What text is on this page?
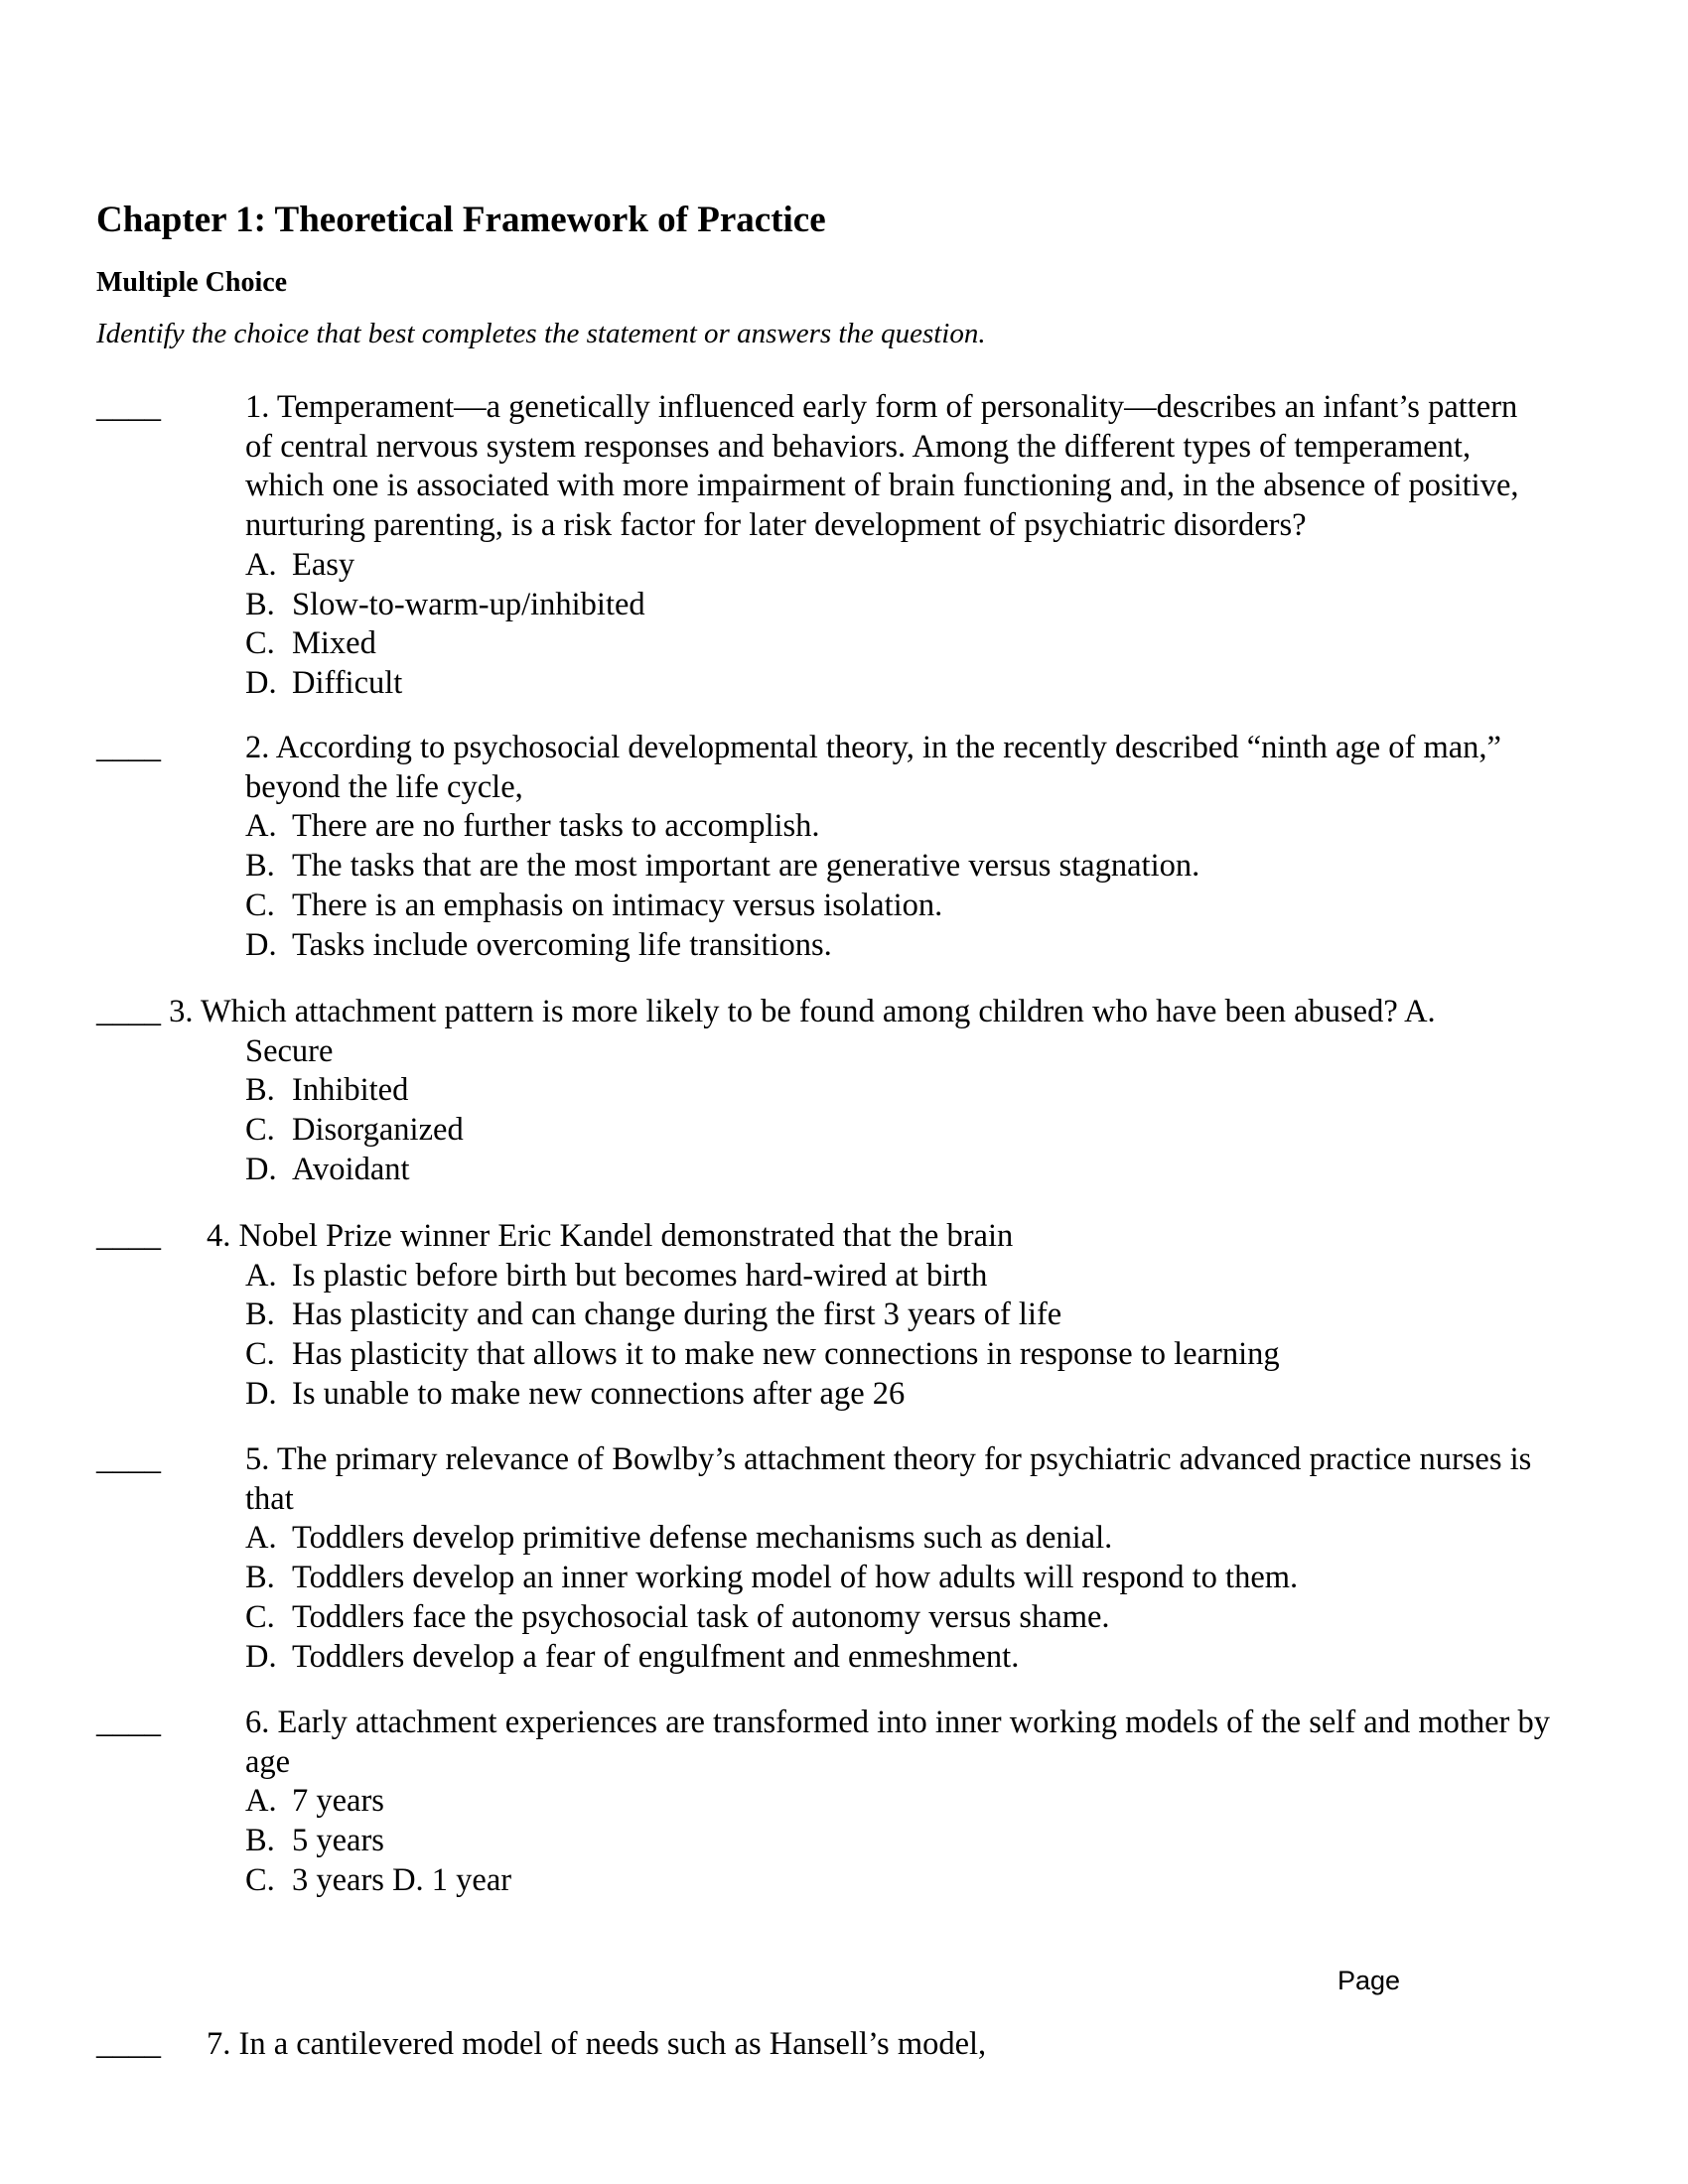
Chapter 1: Theoretical Framework of Practice
Multiple Choice
Identify the choice that best completes the statement or answers the question.
____	1. Temperament—a genetically influenced early form of personality—describes an infant’s pattern
of central nervous system responses and behaviors. Among the different types of temperament,
which one is associated with more impairment of brain functioning and, in the absence of positive,
nurturing parenting, is a risk factor for later development of psychiatric disorders?
A. Easy
B. Slow-to-warm-up/inhibited
C. Mixed
D. Difficult
____	2. According to psychosocial developmental theory, in the recently described “ninth age of man,”
beyond the life cycle,
A. There are no further tasks to accomplish.
B. The tasks that are the most important are generative versus stagnation.
C. There is an emphasis on intimacy versus isolation.
D. Tasks include overcoming life transitions.
____ 3. Which attachment pattern is more likely to be found among children who have been abused? A.
Secure
B. Inhibited
C. Disorganized
D. Avoidant
____ 4. Nobel Prize winner Eric Kandel demonstrated that the brain
A. Is plastic before birth but becomes hard-wired at birth
B. Has plasticity and can change during the first 3 years of life
C. Has plasticity that allows it to make new connections in response to learning
D. Is unable to make new connections after age 26
____	5. The primary relevance of Bowlby’s attachment theory for psychiatric advanced practice nurses is
that
A. Toddlers develop primitive defense mechanisms such as denial.
B. Toddlers develop an inner working model of how adults will respond to them.
C. Toddlers face the psychosocial task of autonomy versus shame.
D. Toddlers develop a fear of engulfment and enmeshment.
____	6. Early attachment experiences are transformed into inner working models of the self and mother by
age
A. 7 years
B. 5 years
C. 3 years D. 1 year
Page
____ 7. In a cantilevered model of needs such as Hansell’s model,
